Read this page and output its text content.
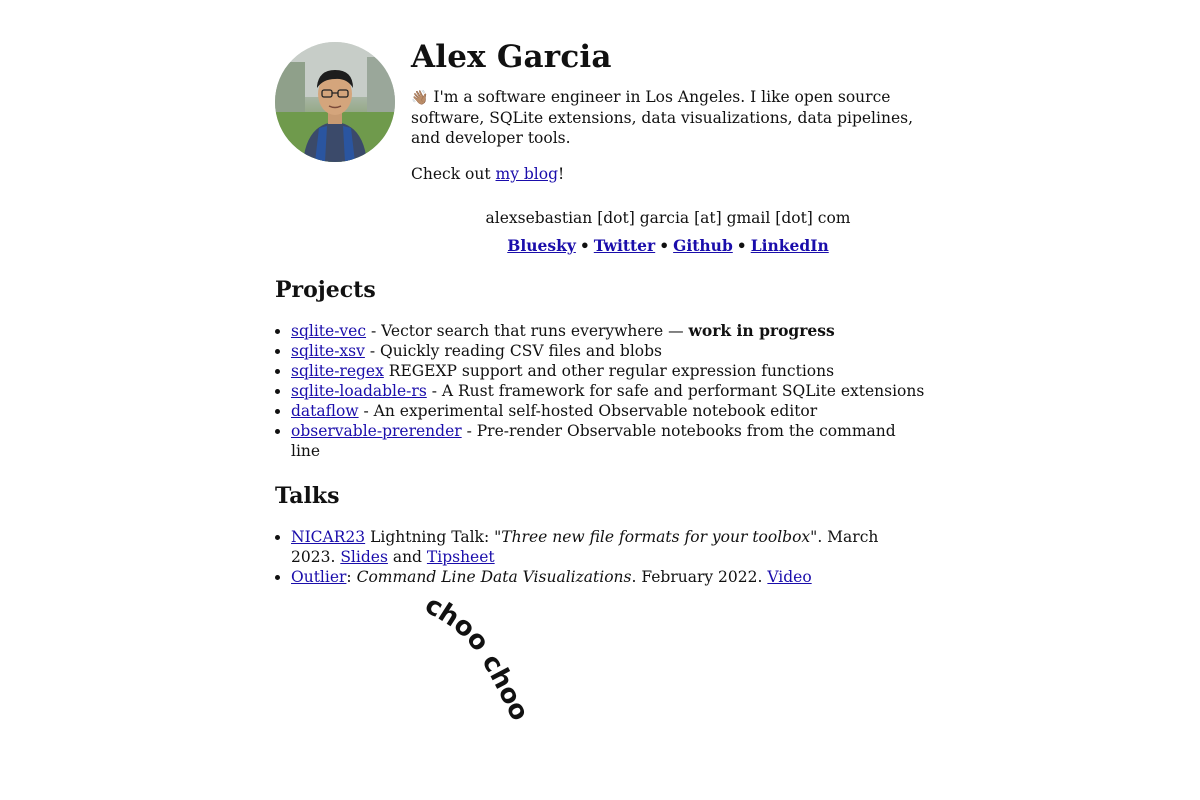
Alex Garcia

👋🏽 I'm a software engineer in Los Angeles. I like open source software, SQLite extensions, data visualizations, data pipelines, and developer tools.

Check out my blog!

alexsebastian [dot] garcia [at] gmail [dot] com
Bluesky • Twitter • Github • LinkedIn
Projects
• sqlite-vec - Vector search that runs everywhere — work in progress
• sqlite-xsv - Quickly reading CSV files and blobs
• sqlite-regex REGEXP support and other regular expression functions
• sqlite-loadable-rs - A Rust framework for safe and performant SQLite extensions
• dataflow - An experimental self-hosted Observable notebook editor
• observable-prerender - Pre-render Observable notebooks from the command line
Talks
• NICAR23 Lightning Talk: "Three new file formats for your toolbox". March 2023. Slides and Tipsheet
• Outlier: Command Line Data Visualizations. February 2022. Video
choo choo
